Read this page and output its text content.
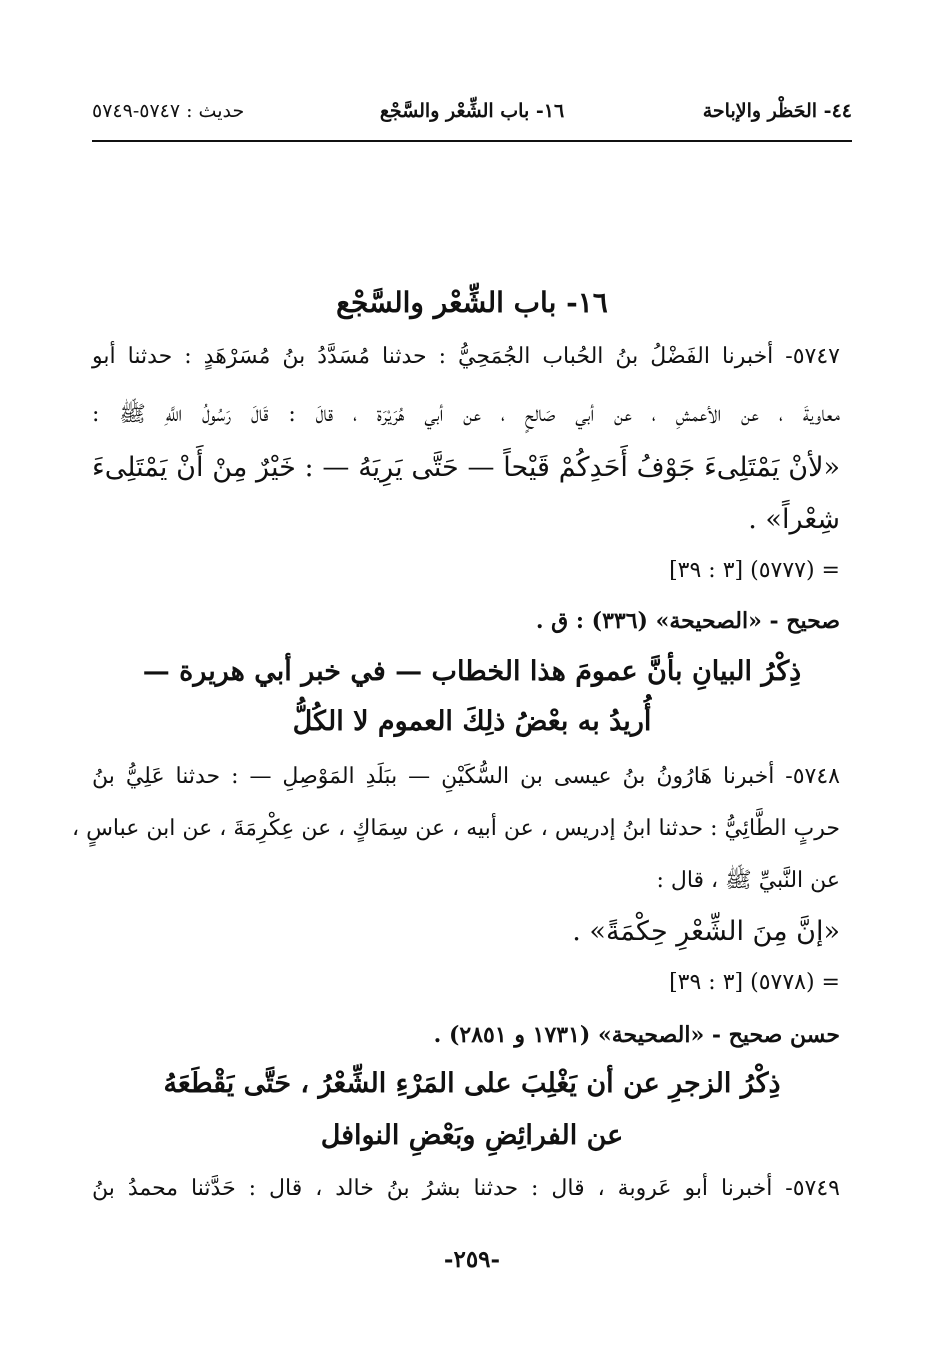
٤٤- الحَظْر والإباحة
١٦- باب الشِّعْر والسَّجْع
حديث : ٥٧٤٧-٥٧٤٩
١٦- باب الشِّعْر والسَّجْع
٥٧٤٧- أخبرنا الفَضْلُ بنُ الحُباب الجُمَحِيُّ : حدثنا مُسَدَّدُ بنُ مُسَرْهَدٍ : حدثنا أبو
معاويةَ ، عن الأعمشِ ، عن أبي صَالحٍ ، عن أبي هُرَيْرَة ، قالَ : قَالَ رَسُولُ اللَّهِ ﷺ :
«لأنْ يَمْتَلِىءَ جَوْفُ أَحَدِكُمْ قَيْحاً — حَتَّى يَرِيَهُ — : خَيْرٌ مِنْ أَنْ يَمْتَلِىءَ
شِعْراً» .
= (٥٧٧٧) [٣ : ٣٩]
صحيح - «الصحيحة» (٣٣٦) : ق .
ذِكْرُ البيانِ بأنَّ عمومَ هذا الخطاب — في خبر أبي هريرة —
أُريدُ به بعْضُ ذلِكَ العموم لا الكُلُّ
٥٧٤٨- أخبرنا هَارُونُ بنُ عيسى بن السُّكَيْنِ — ببَلَدِ المَوْصِلِ — : حدثنا عَلِيُّ بنُ
حربٍ الطَّائِيُّ : حدثنا ابنُ إدريس ، عن أبيه ، عن سِمَاكٍ ، عن عِكْرِمَةَ ، عن ابن عباسٍ ،
عن النَّبيِّ ﷺ ، قال :
«إنَّ مِنَ الشِّعْرِ حِكْمَةً» .
= (٥٧٧٨) [٣ : ٣٩]
حسن صحيح - «الصحيحة» (١٧٣١ و ٢٨٥١) .
ذِكْرُ الزجرِ عن أن يَغْلِبَ على المَرْءِ الشِّعْرُ ، حَتَّى يَقْطَعَهُ
عن الفرائِضِ وبَعْضِ النوافل
٥٧٤٩- أخبرنا أبو عَروبة ، قال : حدثنا بشرُ بنُ خالد ، قال : حَدَّثنا محمدُ بنُ
-٢٥٩-
